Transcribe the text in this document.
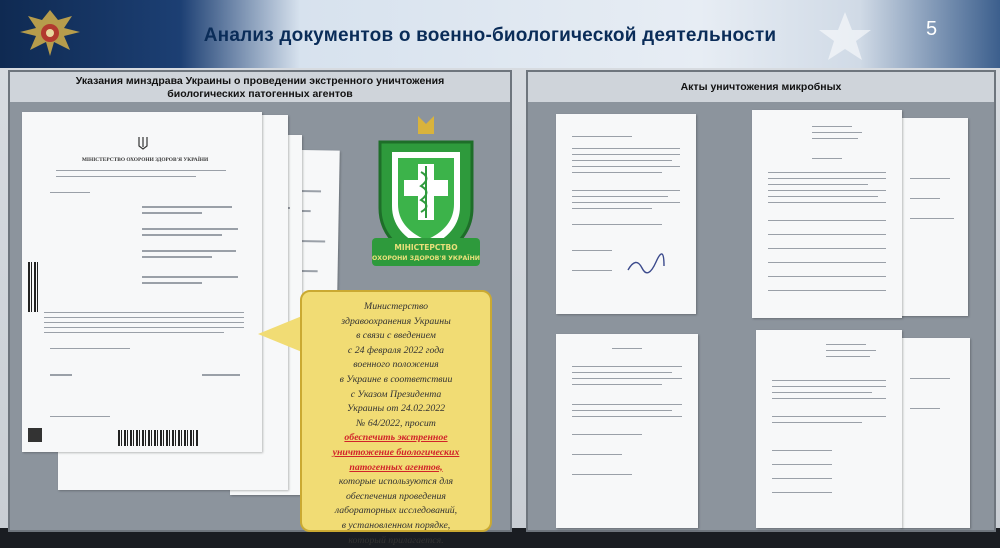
Анализ документов о военно-биологической деятельности	5
Указания минздрава Украины о проведении экстренного уничтожения
биологических патогенных агентов
МІНІСТЕРСТВО ОХОРОНИ ЗДОРОВ'Я УКРАЇНИ
МІНІСТЕРСТВО
ОХОРОНИ ЗДОРОВ'Я УКРАЇНИ
Министерство
здравоохранения Украины
в связи с введением
с 24 февраля 2022 года
военного положения
в Украине в соответствии
с Указом Президента
Украины от 24.02.2022
№ 64/2022, просит
обеспечить экстренное
уничтожение биологических
патогенных агентов,
которые используются для
обеспечения проведения
лабораторных исследований,
в установленном порядке,
который прилагается.
Акты уничтожения микробных
